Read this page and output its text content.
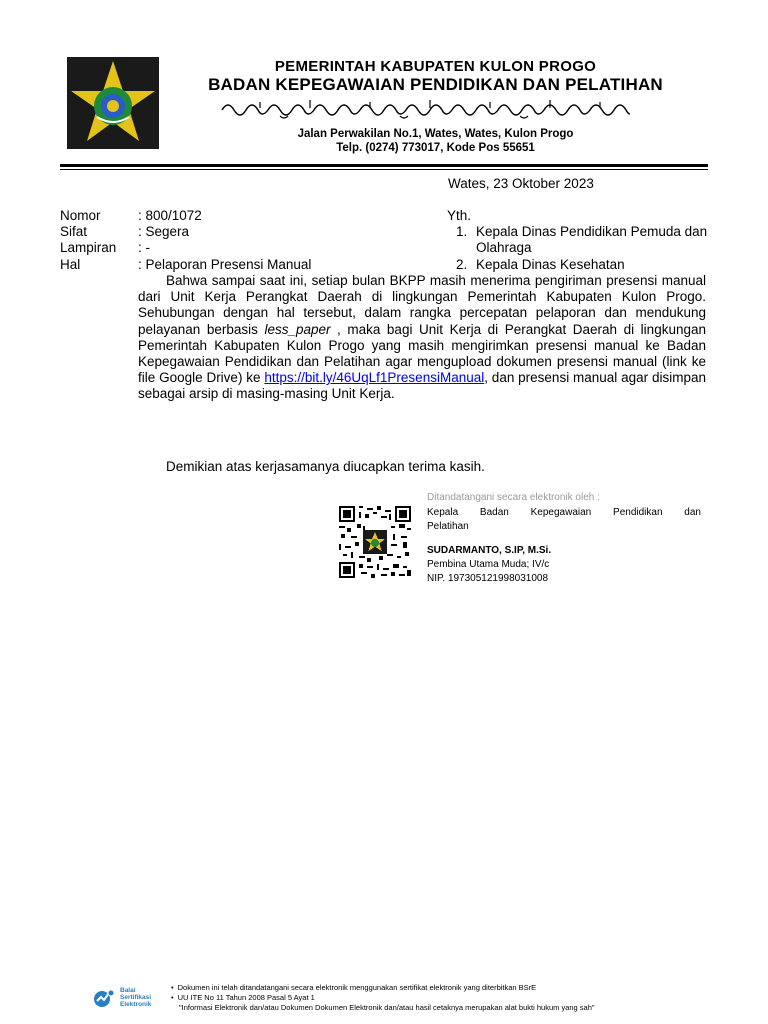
PEMERINTAH KABUPATEN KULON PROGO
BADAN KEPEGAWAIAN PENDIDIKAN DAN PELATIHAN
Jalan Perwakilan No.1, Wates, Wates, Kulon Progo
Telp. (0274) 773017, Kode Pos 55651
Wates, 23 Oktober 2023
Nomor	: 800/1072
Sifat	: Segera
Lampiran : -
Hal	: Pelaporan Presensi Manual
Yth.
1. Kepala Dinas Pendidikan Pemuda dan Olahraga
2. Kepala Dinas Kesehatan

Bahwa sampai saat ini, setiap bulan BKPP masih menerima pengiriman presensi manual dari Unit Kerja Perangkat Daerah di lingkungan Pemerintah Kabupaten Kulon Progo. Sehubungan dengan hal tersebut, dalam rangka percepatan pelaporan dan mendukung pelayanan berbasis less_paper , maka bagi Unit Kerja di Perangkat Daerah di lingkungan Pemerintah Kabupaten Kulon Progo yang masih mengirimkan presensi manual ke Badan Kepegawaian Pendidikan dan Pelatihan agar mengupload dokumen presensi manual (link ke file Google Drive) ke https://bit.ly/46UqLf1PresensiManual, dan presensi manual agar disimpan sebagai arsip di masing-masing Unit Kerja.

Demikian atas kerjasamanya diucapkan terima kasih.
Ditandatangani secara elektronik oleh :
Kepala Badan Kepegawaian Pendidikan dan
Pelatihan
SUDARMANTO, S.IP, M.Si.
Pembina Utama Muda; IV/c
NIP. 197305121998031008
Balai Sertifikasi Elektronik
• Dokumen ini telah ditandatangani secara elektronik menggunakan sertifikat elektronik yang diterbitkan BSrE
• UU ITE No 11 Tahun 2008 Pasal 5 Ayat 1
"Informasi Elektronik dan/atau Dokumen Dokumen Elektronik dan/atau hasil cetaknya merupakan alat bukti hukum yang sah"
